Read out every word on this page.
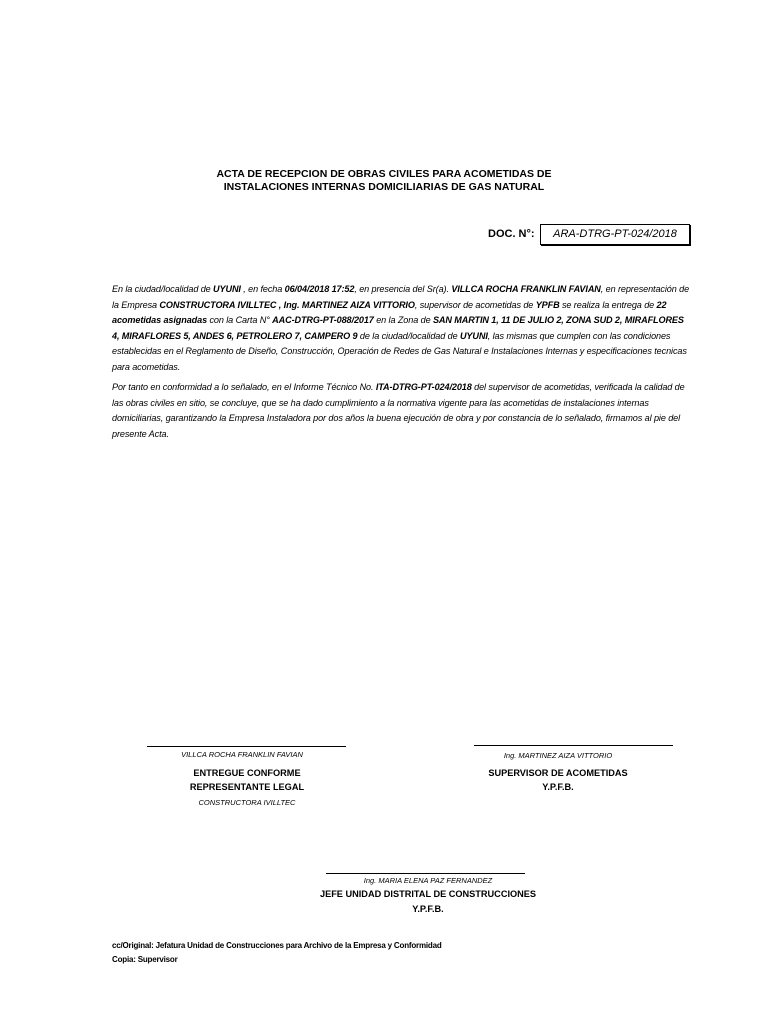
ACTA DE RECEPCION DE OBRAS CIVILES PARA ACOMETIDAS DE
INSTALACIONES INTERNAS DOMICILIARIAS DE GAS NATURAL
DOC. N°:	ARA-DTRG-PT-024/2018
En la ciudad/localidad de UYUNI , en fecha 06/04/2018 17:52, en presencia del Sr(a). VILLCA ROCHA FRANKLIN FAVIAN, en representación de la Empresa CONSTRUCTORA IVILLTEC , Ing. MARTINEZ AIZA VITTORIO, supervisor de acometidas de YPFB se realiza la entrega de 22 acometidas asignadas con la Carta N° AAC-DTRG-PT-088/2017 en la Zona de SAN MARTIN 1, 11 DE JULIO 2, ZONA SUD 2, MIRAFLORES 4, MIRAFLORES 5, ANDES 6, PETROLERO 7, CAMPERO 9 de la ciudad/localidad de UYUNI, las mismas que cumplen con las condiciones establecidas en el Reglamento de Diseño, Construcción, Operación de Redes de Gas Natural e Instalaciones Internas y especificaciones tecnicas para acometidas.
Por tanto en conformidad a lo señalado, en el Informe Técnico No. ITA-DTRG-PT-024/2018 del supervisor de acometidas, verificada la calidad de las obras civiles en sitio, se concluye, que se ha dado cumplimiento a la normativa vigente para las acometidas de instalaciones internas domiciliarias, garantizando la Empresa Instaladora por dos años la buena ejecución de obra y por constancia de lo señalado, firmamos al pie del presente Acta.
VILLCA ROCHA FRANKLIN FAVIAN
ENTREGUE CONFORME
REPRESENTANTE LEGAL
CONSTRUCTORA IVILLTEC
Ing. MARTINEZ AIZA VITTORIO
SUPERVISOR DE ACOMETIDAS
Y.P.F.B.
Ing. MARIA ELENA PAZ FERNANDEZ
JEFE UNIDAD DISTRITAL DE CONSTRUCCIONES
Y.P.F.B.
cc/Original: Jefatura Unidad de Construcciones para Archivo de la Empresa y Conformidad
Copia: Supervisor
